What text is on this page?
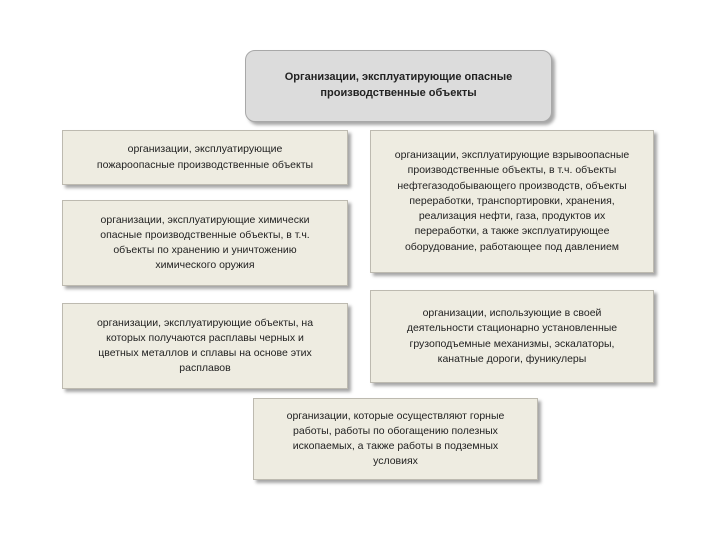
Организации, эксплуатирующие опасные
производственные объекты
организации, эксплуатирующие
пожароопасные производственные объекты
организации, эксплуатирующие взрывоопасные
производственные объекты, в т.ч. объекты
нефтегазодобывающего производств, объекты
переработки, транспортировки, хранения,
реализация нефти, газа, продуктов их
переработки, а также эксплуатирующее
оборудование, работающее под давлением
организации, эксплуатирующие химически
опасные производственные объекты, в т.ч.
объекты по хранению и уничтожению
химического оружия
организации, эксплуатирующие объекты, на
которых получаются расплавы черных и
цветных металлов и сплавы на основе этих
расплавов
организации, использующие в своей
деятельности стационарно установленные
грузоподъемные механизмы, эскалаторы,
канатные дороги, фуникулеры
организации, которые осуществляют горные
работы, работы по обогащению полезных
ископаемых, а также работы в подземных
условиях
